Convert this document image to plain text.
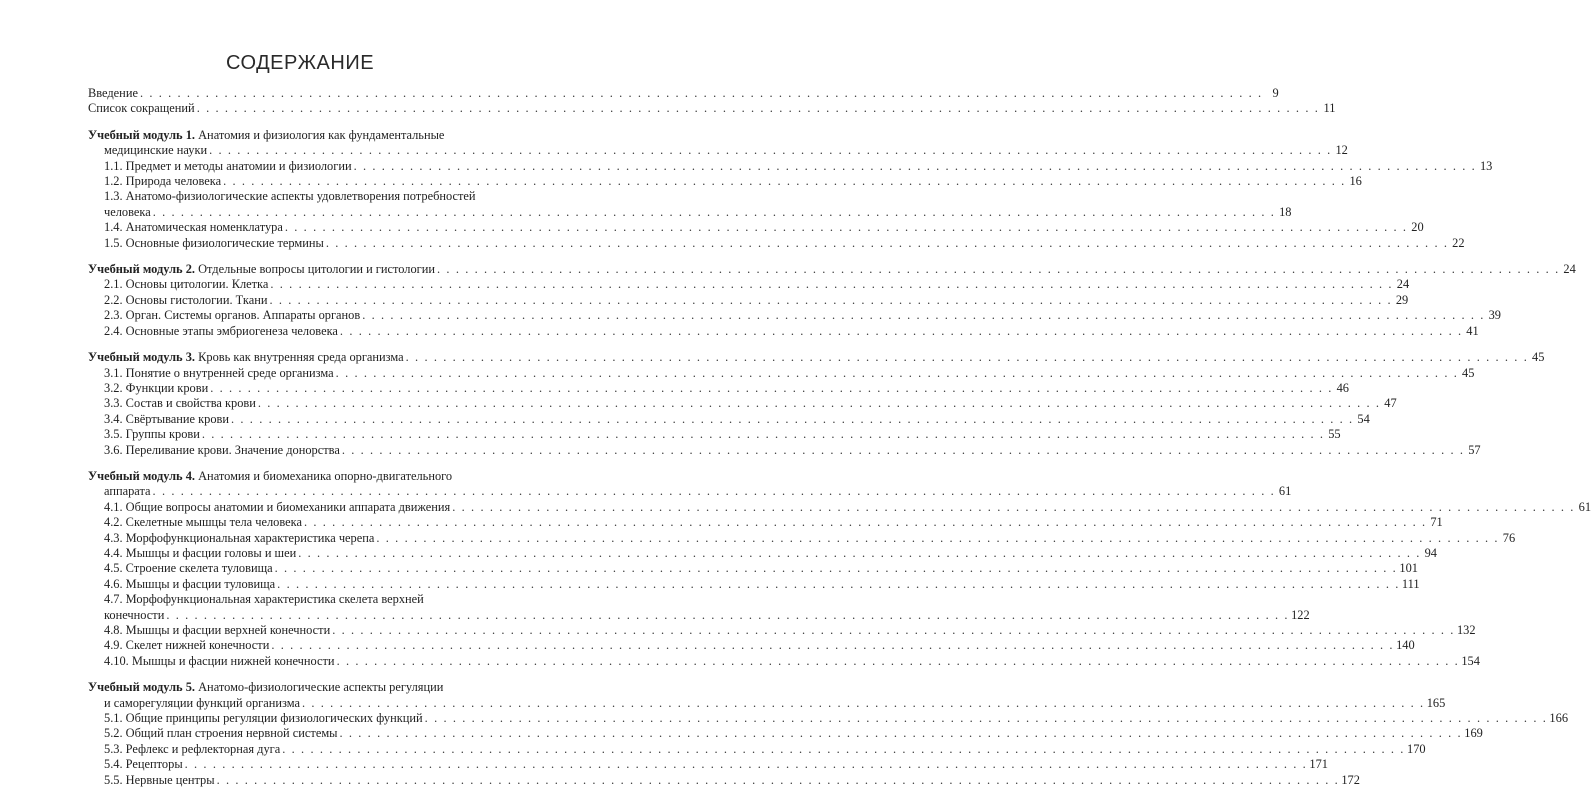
СОДЕРЖАНИЕ
Введение . . .	9
Список сокращений . . .	11
Учебный модуль 1. Анатомия и физиология как фундаментальные
медицинские науки . . .	12
1.1. Предмет и методы анатомии и физиологии . . .	13
1.2. Природа человека . . .	16
1.3. Анатомо-физиологические аспекты удовлетворения потребностей
человека . . .	18
1.4. Анатомическая номенклатура . . .	20
1.5. Основные физиологические термины . . .	22
Учебный модуль 2. Отдельные вопросы цитологии и гистологии . . .	24
2.1. Основы цитологии. Клетка . . .	24
2.2. Основы гистологии. Ткани . . .	29
2.3. Орган. Системы органов. Аппараты органов . . .	39
2.4. Основные этапы эмбриогенеза человека . . .	41
Учебный модуль 3. Кровь как внутренняя среда организма . . .	45
3.1. Понятие о внутренней среде организма . . .	45
3.2. Функции крови . . .	46
3.3. Состав и свойства крови . . .	47
3.4. Свёртывание крови . . .	54
3.5. Группы крови . . .	55
3.6. Переливание крови. Значение донорства . . .	57
Учебный модуль 4. Анатомия и биомеханика опорно-двигательного
аппарата . . .	61
4.1. Общие вопросы анатомии и биомеханики аппарата движения . . .	61
4.2. Скелетные мышцы тела человека . . .	71
4.3. Морфофункциональная характеристика черепа . . .	76
4.4. Мышцы и фасции головы и шеи . . .	94
4.5. Строение скелета туловища . . .	101
4.6. Мышцы и фасции туловища . . .	111
4.7. Морфофункциональная характеристика скелета верхней
конечности . . .	122
4.8. Мышцы и фасции верхней конечности . . .	132
4.9. Скелет нижней конечности . . .	140
4.10. Мышцы и фасции нижней конечности . . .	154
Учебный модуль 5. Анатомо-физиологические аспекты регуляции
и саморегуляции функций организма . . .	165
5.1. Общие принципы регуляции физиологических функций . . .	166
5.2. Общий план строения нервной системы . . .	169
5.3. Рефлекс и рефлекторная дуга . . .	170
5.4. Рецепторы . . .	171
5.5. Нервные центры . . .	172
